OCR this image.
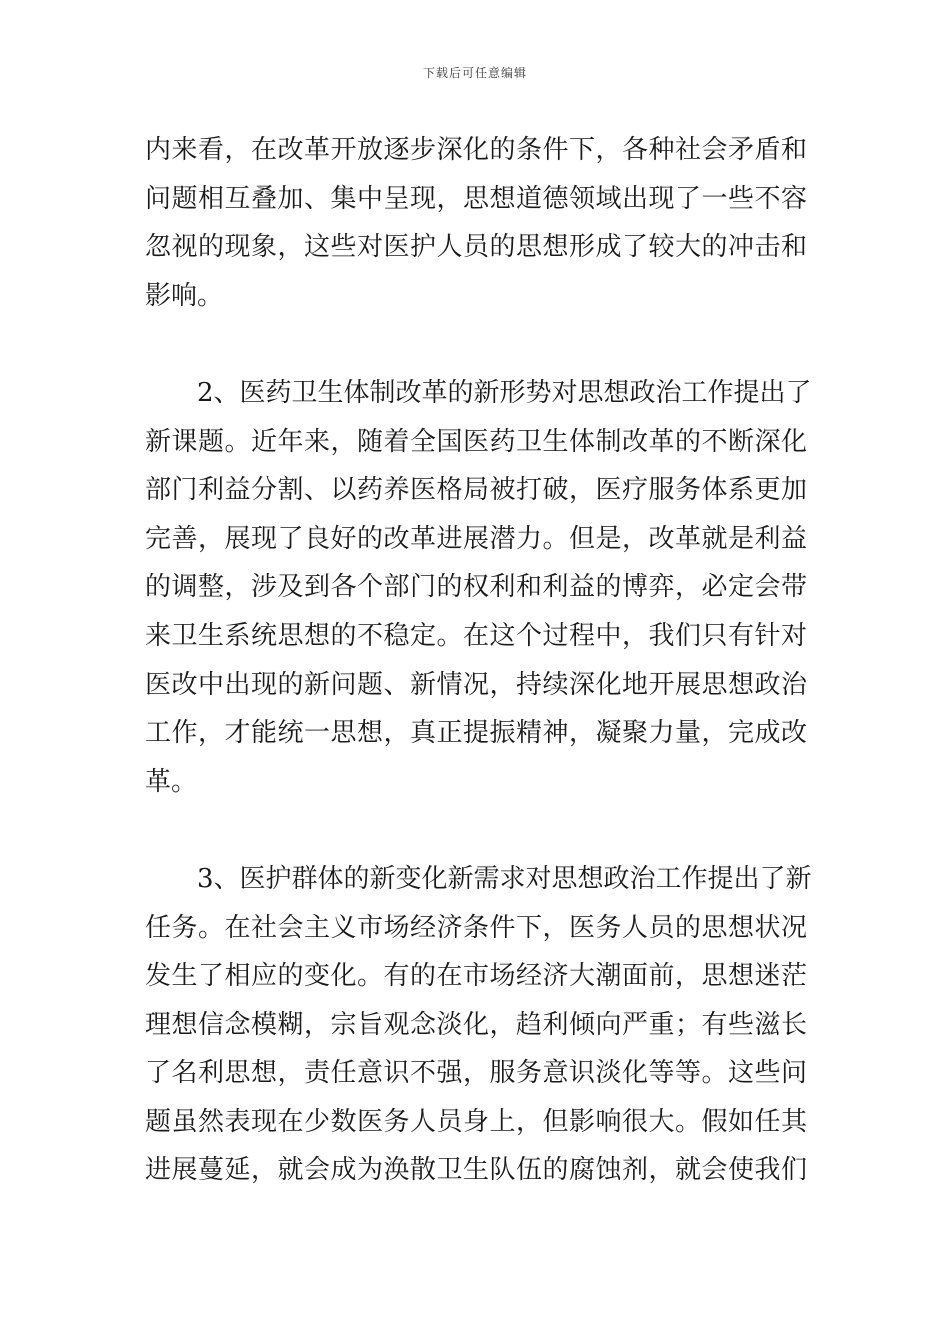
下载后可任意编辑
内来看，在改革开放逐步深化的条件下，各种社会矛盾和
问题相互叠加、集中呈现，思想道德领域出现了一些不容
忽视的现象，这些对医护人员的思想形成了较大的冲击和
影响。
2、医药卫生体制改革的新形势对思想政治工作提出了
新课题。近年来，随着全国医药卫生体制改革的不断深化
部门利益分割、以药养医格局被打破，医疗服务体系更加
完善，展现了良好的改革进展潜力。但是，改革就是利益
的调整，涉及到各个部门的权利和利益的博弈，必定会带
来卫生系统思想的不稳定。在这个过程中，我们只有针对
医改中出现的新问题、新情况，持续深化地开展思想政治
工作，才能统一思想，真正提振精神，凝聚力量，完成改
革。
3、医护群体的新变化新需求对思想政治工作提出了新
任务。在社会主义市场经济条件下，医务人员的思想状况
发生了相应的变化。有的在市场经济大潮面前，思想迷茫
理想信念模糊，宗旨观念淡化，趋利倾向严重；有些滋长
了名利思想，责任意识不强，服务意识淡化等等。这些问
题虽然表现在少数医务人员身上，但影响很大。假如任其
进展蔓延，就会成为涣散卫生队伍的腐蚀剂，就会使我们
